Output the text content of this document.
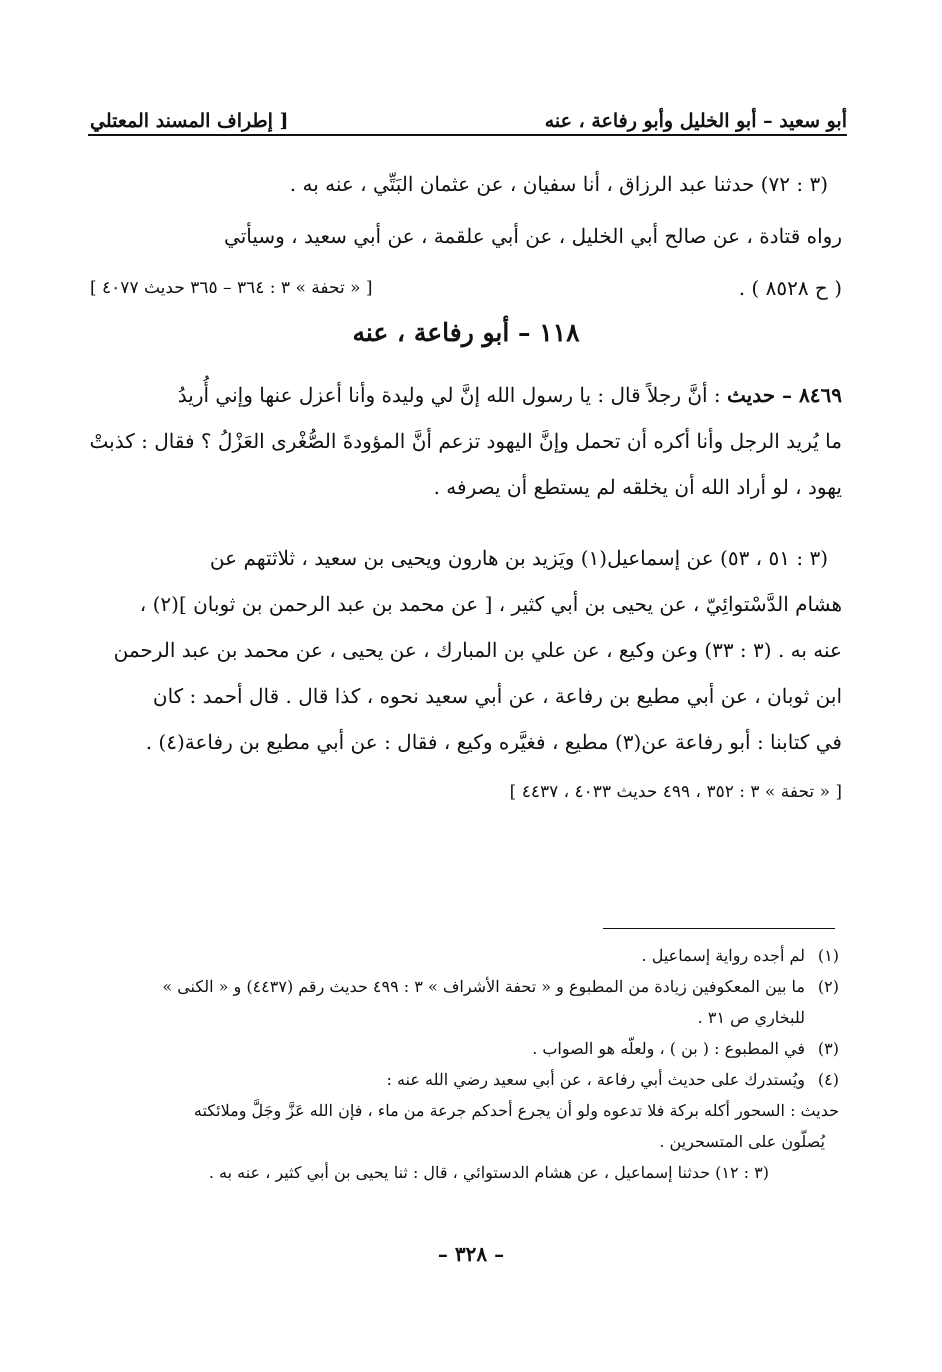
أبو سعيد – أبو الخليل وأبو رفاعة ، عنه
[ إطراف المسند المعتلي
(٣ : ٧٢) حدثنا عبد الرزاق ، أنا سفيان ، عن عثمان البَتِّي ، عنه به .
رواه قتادة ، عن صالح أبي الخليل ، عن أبي علقمة ، عن أبي سعيد ، وسيأتي
( ح ٨٥٢٨ ) .
[ « تحفة » ٣ : ٣٦٤ – ٣٦٥ حديث ٤٠٧٧ ]
١١٨ – أبو رفاعة ، عنه
٨٤٦٩ – حديث : أنَّ رجلاً قال : يا رسول الله إنَّ لي وليدة وأنا أعزل عنها وإني أُريدُ
ما يُريد الرجل وأنا أكره أن تحمل وإنَّ اليهود تزعم أنَّ المؤودةَ الصُّغْرى العَزْلُ ؟ فقال : كذبتْ
يهود ، لو أراد الله أن يخلقه لم يستطع أن يصرفه .
(٣ : ٥١ ، ٥٣) عن إسماعيل(١) ويَزيد بن هارون ويحيى بن سعيد ، ثلاثتهم عن
هشام الدَّسْتوائِيّ ، عن يحيى بن أبي كثير ، [ عن محمد بن عبد الرحمن بن ثوبان ](٢) ،
عنه به . (٣ : ٣٣) وعن وكيع ، عن علي بن المبارك ، عن يحيى ، عن محمد بن عبد الرحمن
ابن ثوبان ، عن أبي مطيع بن رفاعة ، عن أبي سعيد نحوه ، كذا قال . قال أحمد : كان
في كتابنا : أبو رفاعة عن(٣) مطيع ، فغيَّره وكيع ، فقال : عن أبي مطيع بن رفاعة(٤) .
[ « تحفة » ٣ : ٣٥٢ ، ٤٩٩ حديث ٤٠٣٣ ، ٤٤٣٧ ]
(١)
لم أجده رواية إسماعيل .
(٢)
ما بين المعكوفين زيادة من المطبوع و « تحفة الأشراف » ٣ : ٤٩٩ حديث رقم (٤٤٣٧) و « الكنى »
للبخاري ص ٣١ .
(٣)
في المطبوع : ( بن ) ، ولعلّه هو الصواب .
(٤)
ويُستدرك على حديث أبي رفاعة ، عن أبي سعيد رضي الله عنه :
حديث : السحور أكله بركة فلا تدعوه ولو أن يجرع أحدكم جرعة من ماء ، فإن الله عَزَّ وجَلَّ وملائكته
يُصلّون على المتسحرين .
(٣ : ١٢) حدثنا إسماعيل ، عن هشام الدستوائي ، قال : ثنا يحيى بن أبي كثير ، عنه به .
– ٣٢٨ –
